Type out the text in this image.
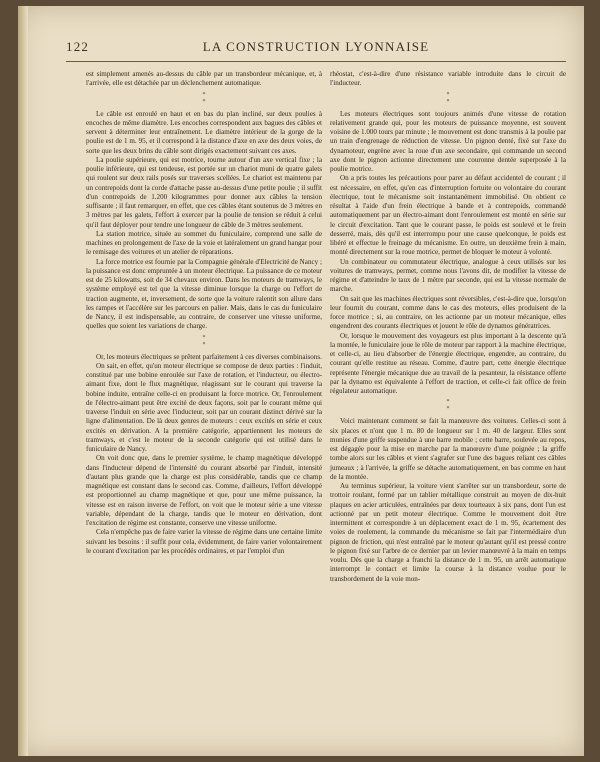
122	LA CONSTRUCTION LYONNAISE

est simplement amenés au-dessus du câble par un transbordeur mécanique, et, à l'arrivée, elle est détachée par un déclenchement automatique.

*
*

Le câble est enroulé en haut et en bas du plan incliné, sur deux poulies à encoches de même diamètre. Les encoches correspondent aux bagues des câbles et servent à déterminer leur entraînement. Le diamètre intérieur de la gorge de la poulie est de 1 m. 95, et il correspond à la distance d'axe en axe des deux voies, de sorte que les deux brins du câble sont dirigés exactement suivant ces axes.

La poulie supérieure, qui est motrice, tourne autour d'un axe vertical fixe ; la poulie inférieure, qui est tendeuse, est portée sur un chariot muni de quatre galets qui roulent sur deux rails posés sur traverses scellées. Le chariot est maintenu par un contrepoids dont la corde d'attache passe au-dessus d'une petite poulie ; il suffit d'un contrepoids de 1.200 kilogrammes pour donner aux câbles la tension suffisante ; il faut remarquer, en effet, que ces câbles étant soutenus de 3 mètres en 3 mètres par les galets, l'effort à exercer par la poulie de tension se réduit à celui qu'il faut déployer pour tendre une longueur de câble de 3 mètres seulement.

La station motrice, située au sommet du funiculaire, comprend une salle de machines en prolongement de l'axe de la voie et latéralement un grand hangar pour le remisage des voitures et un atelier de réparations.

La force motrice est fournie par la Compagnie générale d'Electricité de Nancy ; la puissance est donc empruntée à un moteur électrique. La puissance de ce moteur est de 25 kilowatts, soit de 34 chevaux environ. Dans les moteurs de tramways, le système employé est tel que la vitesse diminue lorsque la charge ou l'effort de traction augmente, et, inversement, de sorte que la voiture ralentit son allure dans les rampes et l'accélère sur les parcours en palier. Mais, dans le cas du funiculaire de Nancy, il est indispensable, au contraire, de conserver une vitesse uniforme, quelles que soient les variations de charge.

*
*

Or, les moteurs électriques se prêtent parfaitement à ces diverses combinaisons.

On sait, en effet, qu'un moteur électrique se compose de deux parties : l'induit, constitué par une bobine enroulée sur l'axe de rotation, et l'inducteur, ou électro-aimant fixe, dont le flux magnétique, réagissant sur le courant qui traverse la bobine induite, entraîne celle-ci en produisant la force motrice. Or, l'enroulement de l'électro-aimant peut être excité de deux façons, soit par le courant même qui traverse l'induit en série avec l'inducteur, soit par un courant distinct dérivé sur la ligne d'alimentation. De là deux genres de moteurs : ceux excités en série et ceux excités en dérivation. A la première catégorie, appartiennent les moteurs de tramways, et c'est le moteur de la seconde catégorie qui est utilisé dans le funiculaire de Nancy.

On voit donc que, dans le premier système, le champ magnétique développé dans l'inducteur dépend de l'intensité du courant absorbé par l'induit, intensité d'autant plus grande que la charge est plus considérable, tandis que ce champ magnétique est constant dans le second cas. Comme, d'ailleurs, l'effort développé est proportionnel au champ magnétique et que, pour une même puissance, la vitesse est en raison inverse de l'effort, on voit que le moteur série a une vitesse variable, dépendant de la charge, tandis que le moteur en dérivation, dont l'excitation de régime est constante, conserve une vitesse uniforme.

Cela n'empêche pas de faire varier la vitesse de régime dans une certaine limite suivant les besoins : il suffit pour cela, évidemment, de faire varier volontairement le courant d'excitation par les procédés ordinaires, et par l'emploi d'un

rhéostat, c'est-à-dire d'une résistance variable introduite dans le circuit de l'inducteur.

*
*

Les moteurs électriques sont toujours animés d'une vitesse de rotation relativement grande qui, pour les moteurs de puissance moyenne, est souvent voisine de 1.000 tours par minute ; le mouvement est donc transmis à la poulie par un train d'engrenage de réduction de vitesse. Un pignon denté, fixé sur l'axe du dynamoteur, engrène avec la roue d'un axe secondaire, qui commande un second axe dont le pignon actionne directement une couronne dentée superposée à la poulie motrice.

On a pris toutes les précautions pour parer au défaut accidentel de courant ; il est nécessaire, en effet, qu'en cas d'interruption fortuite ou volontaire du courant électrique, tout le mécanisme soit instantanément immobilisé. On obtient ce résultat à l'aide d'un frein électrique à bande et à contrepoids, commandé automatiquement par un électro-aimant dont l'enroulement est monté en série sur le circuit d'excitation. Tant que le courant passe, le poids est soulevé et le frein desserré, mais, dès qu'il est interrompu pour une cause quelconque, le poids est libéré et effectue le freinage du mécanisme. En outre, un deuxième frein à main, monté directement sur la roue motrice, permet de bloquer le moteur à volonté.

Un combinateur ou commutateur électrique, analogue à ceux utilisés sur les voitures de tramways, permet, comme nous l'avons dit, de modifier la vitesse de régime et d'atteindre le taux de 1 mètre par seconde, qui est la vitesse normale de marche.

On sait que les machines électriques sont réversibles, c'est-à-dire que, lorsqu'on leur fournit du courant, comme dans le cas des moteurs, elles produisent de la force motrice ; si, au contraire, on les actionne par un moteur mécanique, elles engendrent des courants électriques et jouent le rôle de dynamos génératrices.

Or, lorsque le mouvement des voyageurs est plus important à la descente qu'à la montée, le funiculaire joue le rôle de moteur par rapport à la machine électrique, et celle-ci, au lieu d'absorber de l'énergie électrique, engendre, au contraire, du courant qu'elle restitue au réseau. Comme, d'autre part, cette énergie électrique représente l'énergie mécanique due au travail de la pesanteur, la résistance offerte par la dynamo est équivalente à l'effort de traction, et celle-ci fait office de frein régulateur automatique.

*
*

Voici maintenant comment se fait la manœuvre des voitures. Celles-ci sont à six places et n'ont que 1 m. 80 de longueur sur 1 m. 40 de largeur. Elles sont munies d'une griffe suspendue à une barre mobile ; cette barre, soulevée au repos, est dégagée pour la mise en marche par la manœuvre d'une poignée ; la griffe tombe alors sur les câbles et vient s'agrafer sur l'une des bagues reliant ces câbles jumeaux ; à l'arrivée, la griffe se détache automatiquement, en bas comme en haut de la montée.

Au terminus supérieur, la voiture vient s'arrêter sur un transbordeur, sorte de trottoir roulant, formé par un tablier métallique construit au moyen de dix-huit plaques en acier articulées, entraînées par deux tourteaux à six pans, dont l'un est actionné par un petit moteur électrique. Comme le mouvement doit être intermittent et correspondre à un déplacement exact de 1 m. 95, écartement des voies de roulement, la commande du mécanisme se fait par l'intermédiaire d'un pignon de friction, qui n'est entraîné par le moteur qu'autant qu'il est pressé contre le pignon fixé sur l'arbre de ce dernier par un levier manœuvré à la main en temps voulu. Dès que la charge a franchi la distance de 1 m. 95, un arrêt automatique interrompt le contact et limite la course à la distance voulue pour le transbordement de la voie mon-
